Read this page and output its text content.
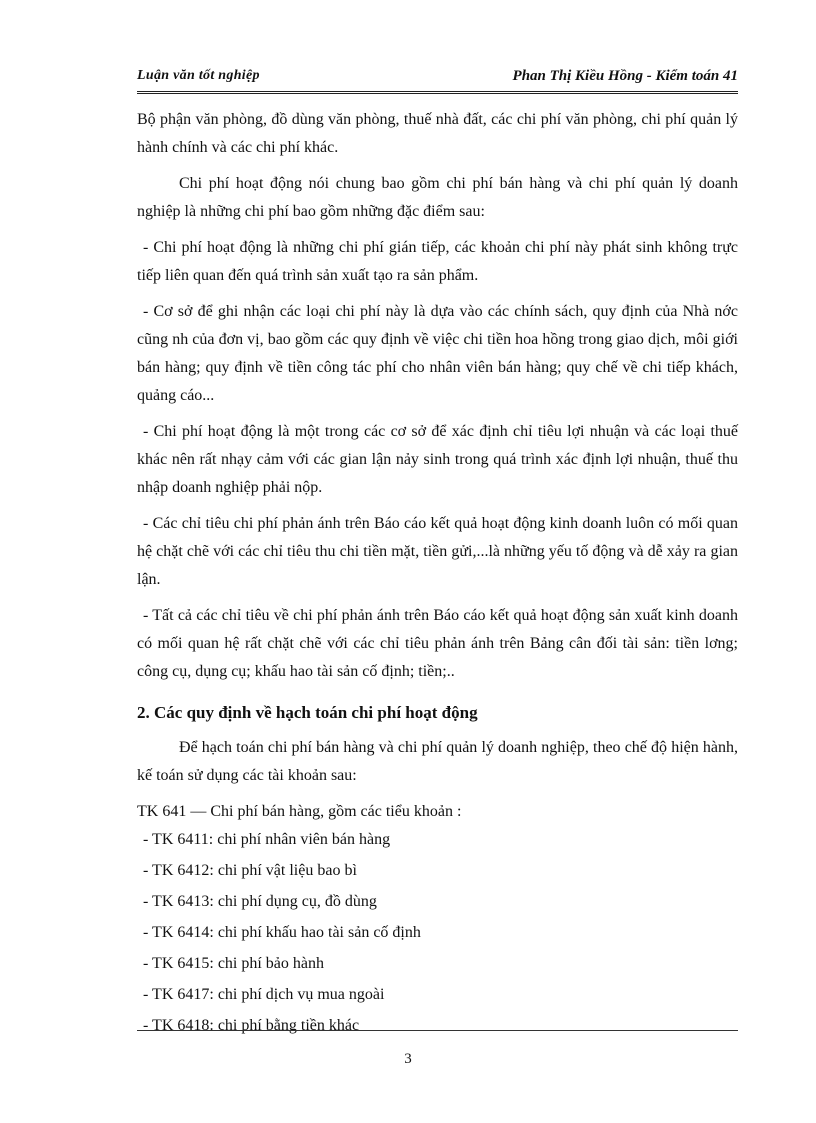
Luận văn tốt nghiệp	Phan Thị Kiều Hồng - Kiểm toán 41

Bộ phận văn phòng, đồ dùng văn phòng, thuế nhà đất, các chi phí văn phòng, chi phí quản lý hành chính và các chi phí khác.

Chi phí hoạt động nói chung bao gồm chi phí bán hàng và chi phí quản lý doanh nghiệp là những chi phí bao gồm những đặc điểm sau:

- Chi phí hoạt động là những chi phí gián tiếp, các khoản chi phí này phát sinh không trực tiếp liên quan đến quá trình sản xuất tạo ra sản phẩm.

- Cơ sở để ghi nhận các loại chi phí này là dựa vào các chính sách, quy định của Nhà nớc cũng nh của đơn vị, bao gồm các quy định về việc chi tiền hoa hồng trong giao dịch, môi giới bán hàng; quy định về tiền công tác phí cho nhân viên bán hàng; quy chế về chi tiếp khách, quảng cáo...

- Chi phí hoạt động là một trong các cơ sở để xác định chỉ tiêu lợi nhuận và các loại thuế khác nên rất nhạy cảm với các gian lận nảy sinh trong quá trình xác định lợi nhuận, thuế thu nhập doanh nghiệp phải nộp.

- Các chỉ tiêu chi phí phản ánh trên Báo cáo kết quả hoạt động kinh doanh luôn có mối quan hệ chặt chẽ với các chỉ tiêu thu chi tiền mặt, tiền gửi,...là những yếu tố động và dễ xảy ra gian lận.

- Tất cả các chỉ tiêu về chi phí phản ánh trên Báo cáo kết quả hoạt động sản xuất kinh doanh có mối quan hệ rất chặt chẽ với các chỉ tiêu phản ánh trên Bảng cân đối tài sản: tiền lơng; công cụ, dụng cụ; khấu hao tài sản cố định; tiền;..

2. Các quy định về hạch toán chi phí hoạt động

Để hạch toán chi phí bán hàng và chi phí quản lý doanh nghiệp, theo chế độ hiện hành, kế toán sử dụng các tài khoản sau:

TK 641 — Chi phí bán hàng, gồm các tiểu khoản :

- TK 6411: chi phí nhân viên bán hàng
- TK 6412: chi phí vật liệu bao bì
- TK 6413: chi phí dụng cụ, đồ dùng
- TK 6414: chi phí khấu hao tài sản cố định
- TK 6415: chi phí bảo hành
- TK 6417: chi phí dịch vụ mua ngoài
- TK 6418: chi phí bằng tiền khác
3
